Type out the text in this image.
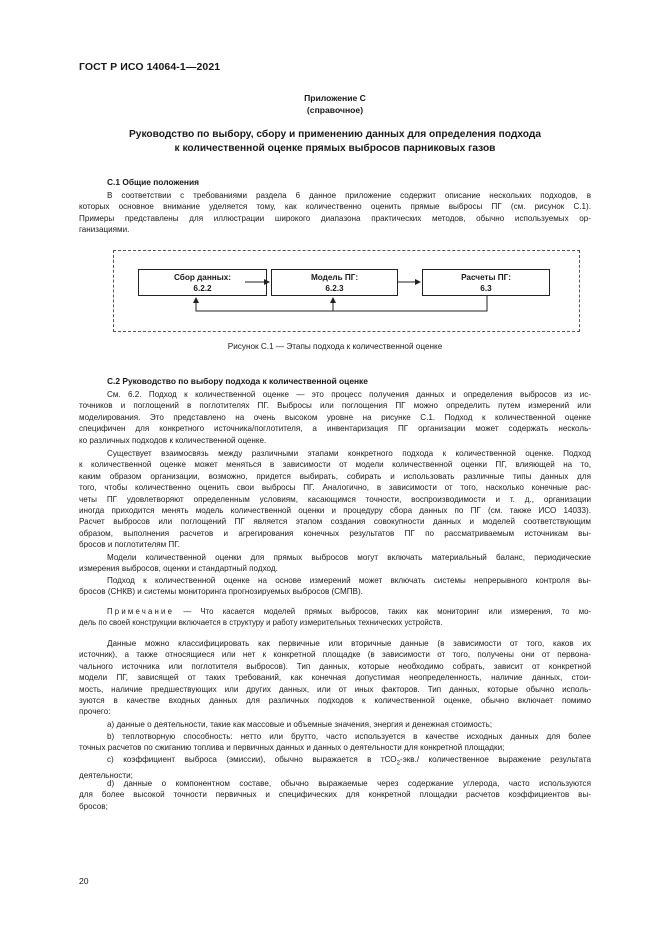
ГОСТ Р ИСО 14064-1—2021
Приложение С
(справочное)
Руководство по выбору, сбору и применению данных для определения подхода
к количественной оценке прямых выбросов парниковых газов
С.1 Общие положения
В соответствии с требованиями раздела 6 данное приложение содержит описание нескольких подходов, в
которых основное внимание уделяется тому, как количественно оценить прямые выбросы ПГ (см. рисунок С.1).
Примеры представлены для иллюстрации широкого диапазона практических методов, обычно используемых ор-
ганизациями.
Сбор данных:
6.2.2
Модель ПГ:
6.2.3
Расчеты ПГ:
6.3
Рисунок С.1 — Этапы подхода к количественной оценке
С.2 Руководство по выбору подхода к количественной оценке
См. 6.2. Подход к количественной оценке — это процесс получения данных и определения выбросов из ис-
точников и поглощений в поглотителях ПГ. Выбросы или поглощения ПГ можно определить путем измерений или
моделирования. Это представлено на очень высоком уровне на рисунке С.1. Подход к количественной оценке
специфичен для конкретного источника/поглотителя, а инвентаризация ПГ организации может содержать несколь-
ко различных подходов к количественной оценке.
Существует взаимосвязь между различными этапами конкретного подхода к количественной оценке. Подход
к количественной оценке может меняться в зависимости от модели количественной оценки ПГ, влияющей на то,
каким образом организации, возможно, придется выбирать, собирать и использовать различные типы данных для
того, чтобы количественно оценить свои выбросы ПГ. Аналогично, в зависимости от того, насколько конечные рас-
четы ПГ удовлетворяют определенным условиям, касающимся точности, воспроизводимости и т. д., организации
иногда приходится менять модель количественной оценки и процедуру сбора данных по ПГ (см. также ИСО 14033).
Расчет выбросов или поглощений ПГ является этапом создания совокупности данных и моделей соответствующим
образом, выполнения расчетов и агрегирования конечных результатов ПГ по рассматриваемым источникам вы-
бросов и поглотителям ПГ.
Модели количественной оценки для прямых выбросов могут включать материальный баланс, периодические
измерения выбросов, оценки и стандартный подход.
Подход к количественной оценке на основе измерений может включать системы непрерывного контроля вы-
бросов (СНКВ) и системы мониторинга прогнозируемых выбросов (СМПВ).
Примечание — Что касается моделей прямых выбросов, таких как мониторинг или измерения, то мо-
дель по своей конструкции включается в структуру и работу измерительных технических устройств.
Данные можно классифицировать как первичные или вторичные данные (в зависимости от того, каков их
источник), а также относящиеся или нет к конкретной площадке (в зависимости от того, получены они от первона-
чального источника или поглотителя выбросов). Тип данных, которые необходимо собрать, зависит от конкретной
модели ПГ, зависящей от таких требований, как конечная допустимая неопределенность, наличие данных, стои-
мость, наличие предшествующих или других данных, или от иных факторов. Тип данных, которые обычно исполь-
зуются в качестве входных данных для различных подходов к количественной оценке, обычно включает помимо
прочего:
a) данные о деятельности, такие как массовые и объемные значения, энергия и денежная стоимость;
b) теплотворную способность: нетто или брутто, часто используется в качестве исходных данных для более
точных расчетов по сжиганию топлива и первичных данных и данных о деятельности для конкретной площадки;
c) коэффициент выброса (эмиссии), обычно выражается в тСО$_2$-экв./ количественное выражение результата
деятельности;
d) данные о компонентном составе, обычно выражаемые через содержание углерода, часто используются
для более высокой точности первичных и специфических для конкретной площадки расчетов коэффициентов вы-
бросов;
20
